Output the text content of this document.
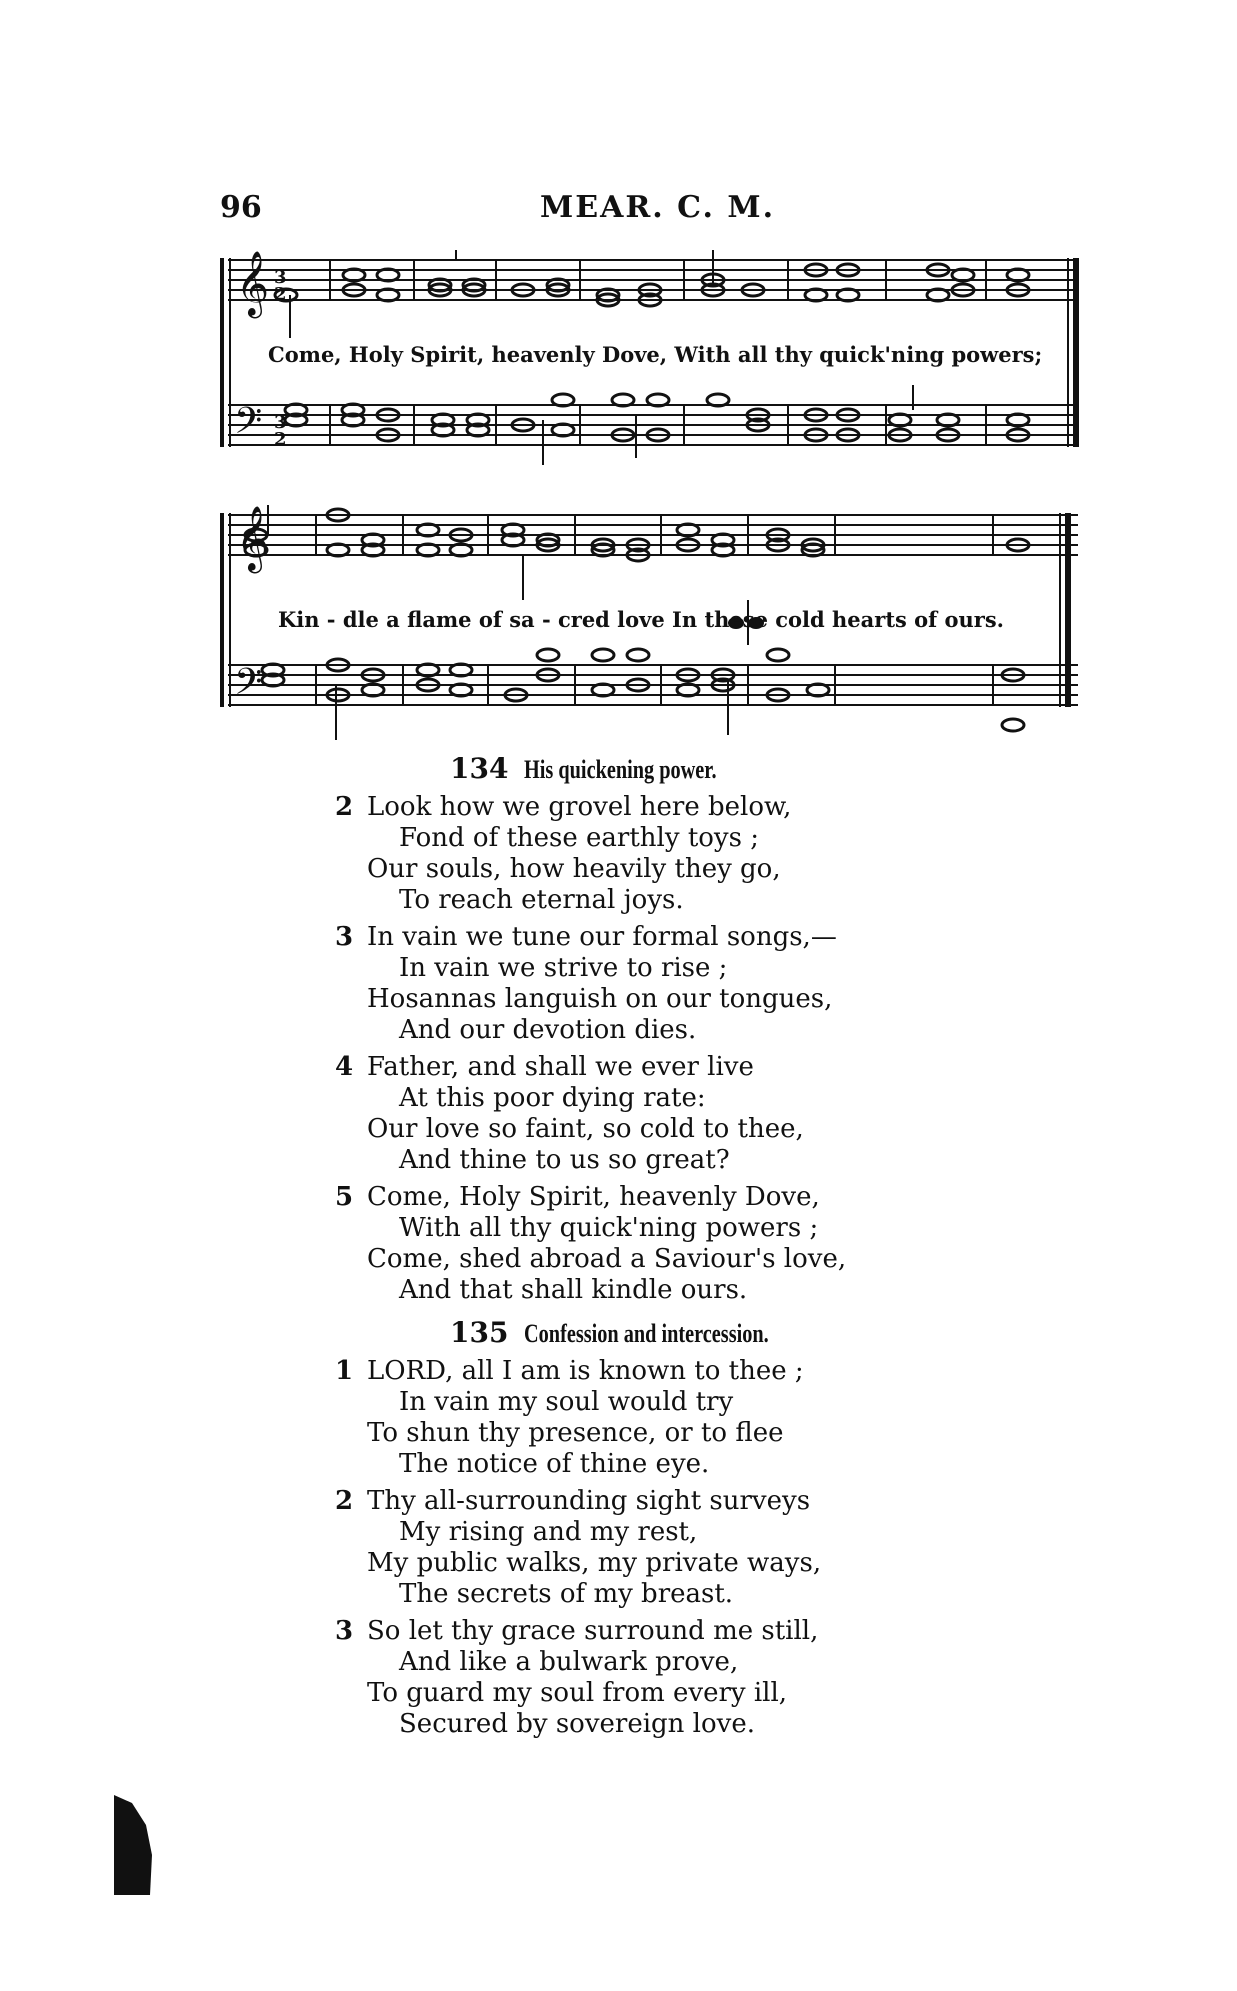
96	MEAR. C. M.
𝄞
𝄢
3
2
3
2
Come, Holy Spirit, heavenly Dove, With all thy quick'ning powers;
𝄞
𝄢
Kin - dle a flame of sa - cred love In these cold hearts of ours.
134 His quickening power.
2 Look how we grovel here below,
Fond of these earthly toys ;
Our souls, how heavily they go,
To reach eternal joys.
3 In vain we tune our formal songs,—
In vain we strive to rise ;
Hosannas languish on our tongues,
And our devotion dies.
4 Father, and shall we ever live
At this poor dying rate:
Our love so faint, so cold to thee,
And thine to us so great?
5 Come, Holy Spirit, heavenly Dove,
With all thy quick'ning powers ;
Come, shed abroad a Saviour's love,
And that shall kindle ours.
135 Confession and intercession.
1 LORD, all I am is known to thee ;
In vain my soul would try
To shun thy presence, or to flee
The notice of thine eye.
2 Thy all-surrounding sight surveys
My rising and my rest,
My public walks, my private ways,
The secrets of my breast.
3 So let thy grace surround me still,
And like a bulwark prove,
To guard my soul from every ill,
Secured by sovereign love.
